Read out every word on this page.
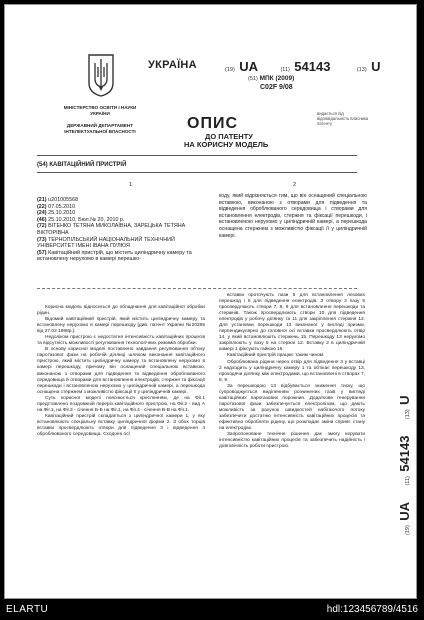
УКРАЇНА
МІНІСТЕРСТВО ОСВІТИ І НАУКИ УКРАЇНИ
ДЕРЖАВНИЙ ДЕПАРТАМЕНТ ІНТЕЛЕКТУАЛЬНОЇ ВЛАСНОСТІ
(19) UA	(11) 54143	(13) U
(51) МПК (2009)
C02F 9/08
ОПИС
ДО ПАТЕНТУ
НА КОРИСНУ МОДЕЛЬ
видається під відповідальність власника патенту
(54) КАВІТАЦІЙНИЙ ПРИСТРІЙ
1	2
(21) u201005568
(22) 07.05.2010
(24) 25.10.2010
(46) 25.10.2010, Бюл.№ 20, 2010 р.
(72) ВІТЕНКО ТЕТЯНА МИКОЛАЇВНА, ЗАРЕЦЬКА ТЕТЯНА ВІКТОРІВНА
(73) ТЕРНОПІЛЬСЬКИЙ НАЦІОНАЛЬНИЙ ТЕХНІЧНИЙ УНІВЕРСИТЕТ ІМЕНІ ІВАНА ПУЛЮЯ
(57) Кавітаційний пристрій, що містить циліндричну камеру та встановлену нерухомо в камері перешко-
коду, який відрізняється тим, що він оснащений спеціальною вставкою, виконаною з отворами для підведення та відведення оброблюваного середовища і створами для встановлення електродів, стержня та фіксації перешкоди, і встановленою нерухомо у циліндричній камері, а перешкода оснащена стержнем з можливістю фіксації її у циліндричній камері.

Корисна модель відноситься до обладнання для кавітаційної обробки рідин.

Відомий кавітаційний пристрій, який містить циліндричну камеру та встановлену нерухомо в камері перешкоду [див. патент України №20265 від 27.02.1998р.].

Недоліком пристрою є недостатня інтенсивність кавітаційних процесів та відсутність можливості регулювання технологічних режимів обробки.

В основу корисної моделі поставлено завдання регулювання об'єму пароґазової фази на робочій ділянці шляхом виконання кавітаційного пристрою, який містить циліндричну камеру та встановлену нерухомо в камері перешкоду, причому він оснащений спеціальною вставкою, виконаною з отворами для підведення та відведення оброблюваного середовища й отворами для встановлення електродів, стержня та фіксації перешкоди і встановленою нерухомо у циліндричній камері, а перешкода оснащена стержнем з можливістю фіксації її у циліндричній камері.

Суть корисної моделі пояснюється кресленням, де на Фіг.1 представлено поздовжній переріз кавітаційного пристрою, на Фіг.2 - вид А на Фіг.1, на Фіг.3 - січення Б-Б на Фіг.1, на Фіг.4 - січення В-В на Фіг.1.

Кавітаційний пристрій складається з циліндричної камери 1, у яку встановлюють спеціальну вставку циліндричної форми 2. З обох торців вставки просвердлюють отвори для підведення 3 і відведення 4 оброблюваного середовища. Сходоен ocl

вставки проточують пази 5 для встановлення лезових перешкод і 6 для підведення електродів. З отвору 3 пазу 5 просвердлюють створи 7, 8, 9 для встановлення перешкоди та стержнів. Також просвердлюють створи 10 для підведення електродів у робочу ділянку та 11 для закріплення стержня 12. Для установки перешкоди 13 виконаної у вигляді призми, перпендикулярно до головної осі вставки просвердлюють отвір 14, у який встановлюють стержень 15. Перешкоду 13 нерухомо закріплюють у пазу 5 на стержні 12. Вставку 2 в циліндричній камері 1 фіксують гайкою 16.

Кавітаційний пристрій працює таким чином.

Оброблювана рідина через отвір для підведення 3 у вставці 2 надходить у циліндричну камеру 1 та обтікає перешкоду 13, проходячи ділянку між електродами, що встановлені в створах 7, 8, 9.

За перешкодою 13 відбувається зниження тиску, що супроводжується виділенням розчинених газів у вигляді кавітаційних парогазових порожнин. Додаткове генерування пароґазової фази забезпечується електролізом, що дають можливість за рахунок швидкостей набігаючого потоку забезпечити достатню інтенсивність кавітаційних процесів та ефективно обробляти рідину, що розкладає зміни сприяє стану на електродах.

Запропоноване технічне рішення дає змогу керувати інтенсивністю кавітаційних процесів та забезпечить надійність і довговічність роботи пристрою.

(19) UA (11) 54143 (13) U
ELARTU	hdl:123456789/4516
